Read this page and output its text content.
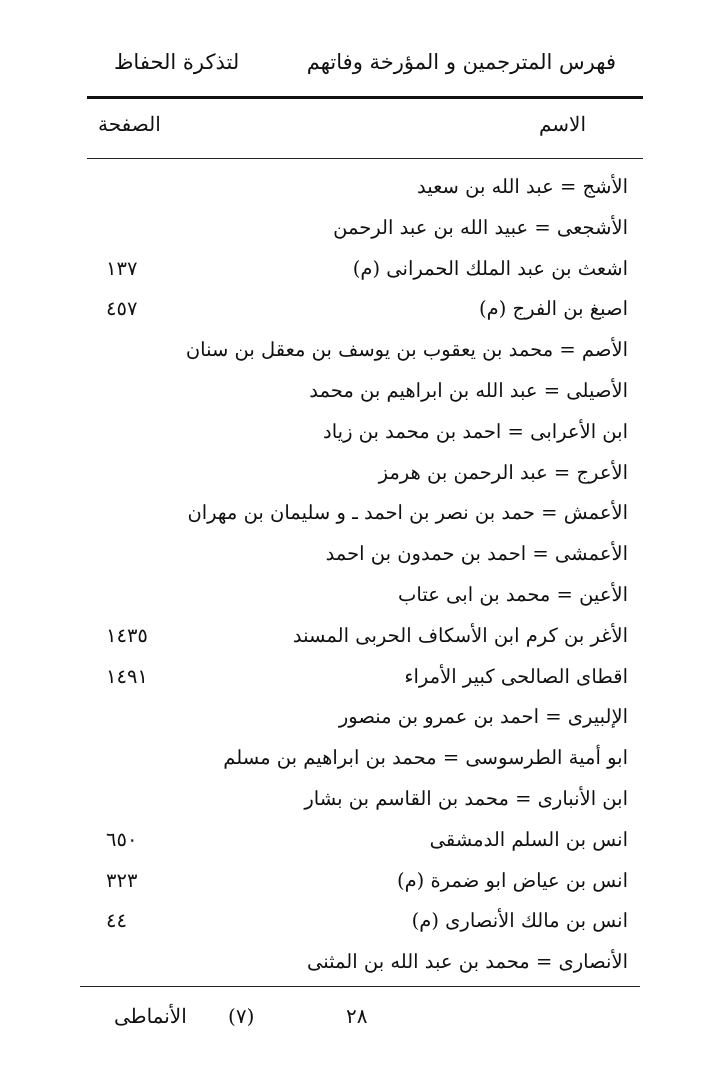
فهرس المترجمين و المؤرخة وفاتهم
لتذكرة الحفاظ
الاسم
الصفحة
الأشج = عبد الله بن سعيد
الأشجعى = عبيد الله بن عبد الرحمن
اشعث بن عبد الملك الحمرانى (م)
١٣٧
اصبغ بن الفرج (م)
٤٥٧
الأصم = محمد بن يعقوب بن يوسف بن معقل بن سنان
الأصيلى = عبد الله بن ابراهيم بن محمد
ابن الأعرابى = احمد بن محمد بن زياد
الأعرج = عبد الرحمن بن هرمز
الأعمش = حمد بن نصر بن احمد ـ و سليمان بن مهران
الأعمشى = احمد بن حمدون بن احمد
الأعين = محمد بن ابى عتاب
الأغر بن كرم ابن الأسكاف الحربى المسند
١٤٣٥
اقطاى الصالحى كبير الأمراء
١٤٩١
الإلبيرى = احمد بن عمرو بن منصور
ابو أمية الطرسوسى = محمد بن ابراهيم بن مسلم
ابن الأنبارى = محمد بن القاسم بن بشار
انس بن السلم الدمشقى
٦٥٠
انس بن عياض ابو ضمرة (م)
٣٢٣
انس بن مالك الأنصارى (م)
٤٤
الأنصارى = محمد بن عبد الله بن المثنى
الأنماطى (٧)	٢٨
